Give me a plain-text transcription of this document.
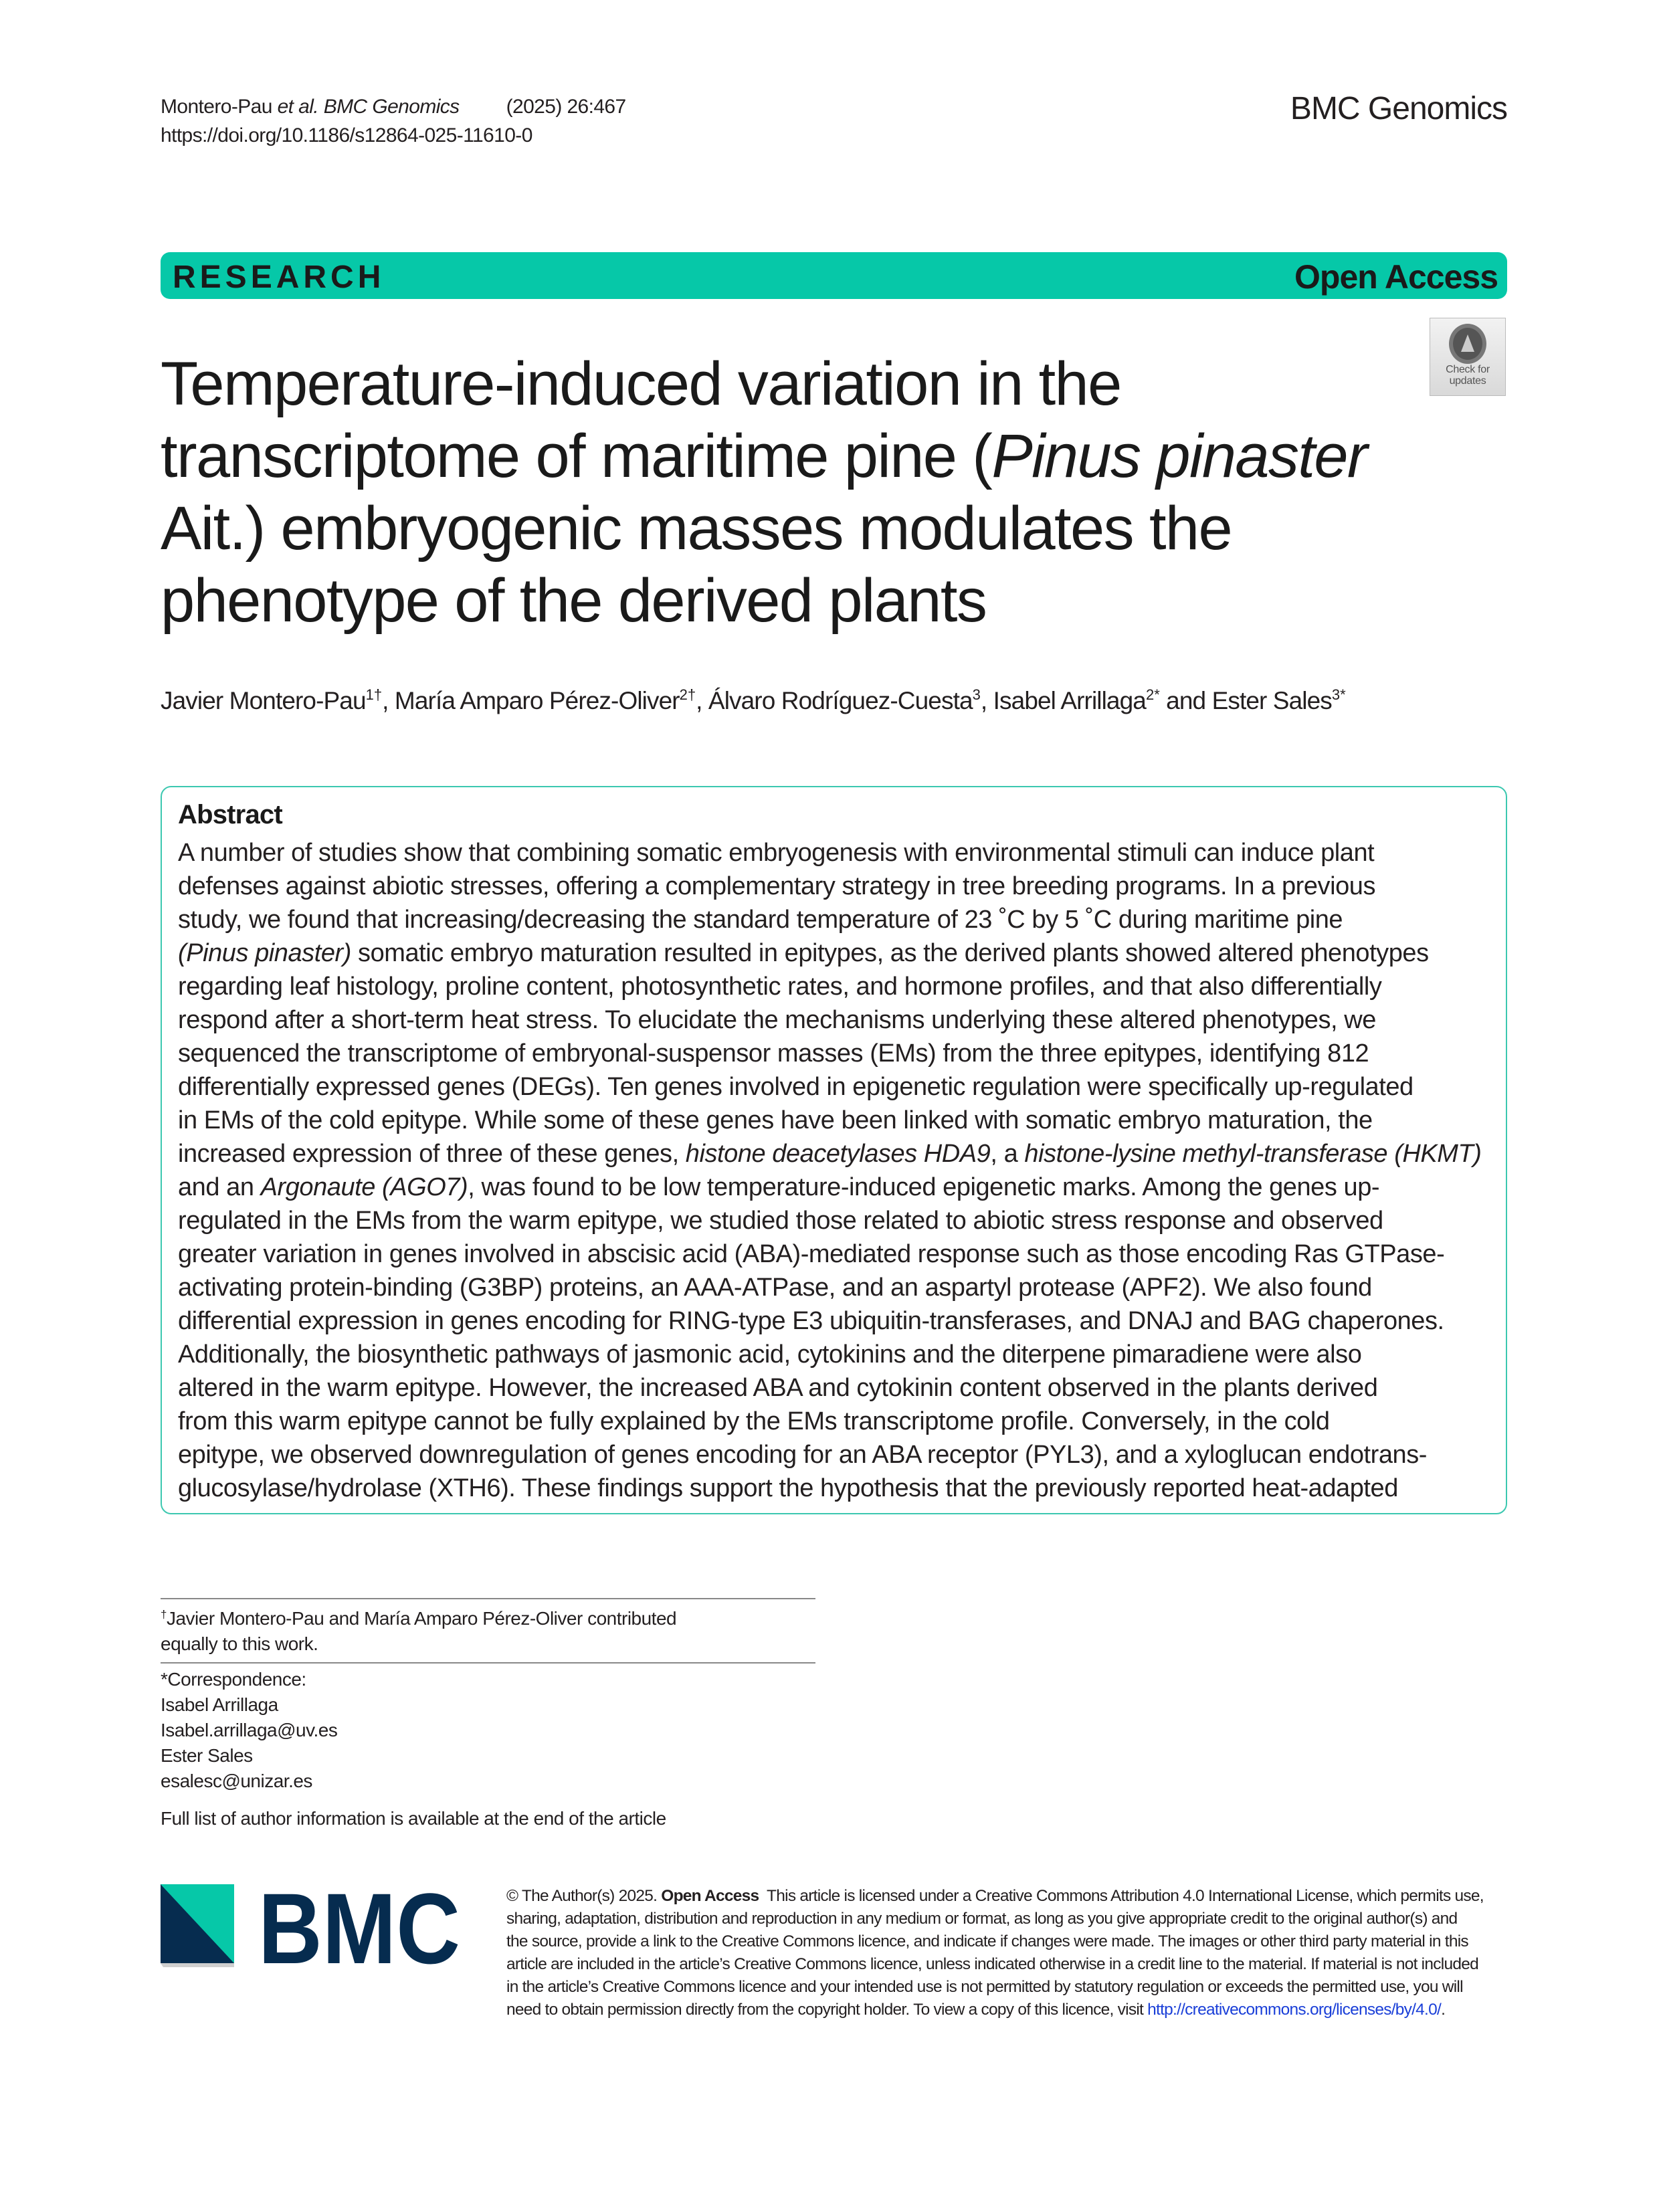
Montero-Pau et al. BMC Genomics (2025) 26:467
https://doi.org/10.1186/s12864-025-11610-0
BMC Genomics
RESEARCH	Open Access
Check for
updates
Temperature-induced variation in the
transcriptome of maritime pine (Pinus pinaster
Ait.) embryogenic masses modulates the
phenotype of the derived plants
Javier Montero-Pau$^{1\dagger}$, María Amparo Pérez-Oliver$^{2\dagger}$, Álvaro Rodríguez-Cuesta$^3$, Isabel Arrillaga$^{2*}$ and Ester Sales$^{3*}$
Abstract
A number of studies show that combining somatic embryogenesis with environmental stimuli can induce plant
defenses against abiotic stresses, offering a complementary strategy in tree breeding programs. In a previous
study, we found that increasing/decreasing the standard temperature of 23 ˚C by 5 ˚C during maritime pine
(Pinus pinaster) somatic embryo maturation resulted in epitypes, as the derived plants showed altered phenotypes
regarding leaf histology, proline content, photosynthetic rates, and hormone profiles, and that also differentially
respond after a short-term heat stress. To elucidate the mechanisms underlying these altered phenotypes, we
sequenced the transcriptome of embryonal-suspensor masses (EMs) from the three epitypes, identifying 812
differentially expressed genes (DEGs). Ten genes involved in epigenetic regulation were specifically up-regulated
in EMs of the cold epitype. While some of these genes have been linked with somatic embryo maturation, the
increased expression of three of these genes, histone deacetylases HDA9, a histone-lysine methyl-transferase (HKMT)
and an Argonaute (AGO7), was found to be low temperature-induced epigenetic marks. Among the genes up-
regulated in the EMs from the warm epitype, we studied those related to abiotic stress response and observed
greater variation in genes involved in abscisic acid (ABA)-mediated response such as those encoding Ras GTPase-
activating protein-binding (G3BP) proteins, an AAA-ATPase, and an aspartyl protease (APF2). We also found
differential expression in genes encoding for RING-type E3 ubiquitin-transferases, and DNAJ and BAG chaperones.
Additionally, the biosynthetic pathways of jasmonic acid, cytokinins and the diterpene pimaradiene were also
altered in the warm epitype. However, the increased ABA and cytokinin content observed in the plants derived
from this warm epitype cannot be fully explained by the EMs transcriptome profile. Conversely, in the cold
epitype, we observed downregulation of genes encoding for an ABA receptor (PYL3), and a xyloglucan endotrans-
glucosylase/hydrolase (XTH6). These findings support the hypothesis that the previously reported heat-adapted
†Javier Montero-Pau and María Amparo Pérez-Oliver contributed
equally to this work.
*Correspondence:
Isabel Arrillaga
Isabel.arrillaga@uv.es
Ester Sales
esalesc@unizar.es
Full list of author information is available at the end of the article
BMC	© The Author(s) 2025. Open Access  This article is licensed under a Creative Commons Attribution 4.0 International License, which permits use,
sharing, adaptation, distribution and reproduction in any medium or format, as long as you give appropriate credit to the original author(s) and
the source, provide a link to the Creative Commons licence, and indicate if changes were made. The images or other third party material in this
article are included in the article’s Creative Commons licence, unless indicated otherwise in a credit line to the material. If material is not included
in the article’s Creative Commons licence and your intended use is not permitted by statutory regulation or exceeds the permitted use, you will
need to obtain permission directly from the copyright holder. To view a copy of this licence, visit http://creativecommons.org/licenses/by/4.0/.
